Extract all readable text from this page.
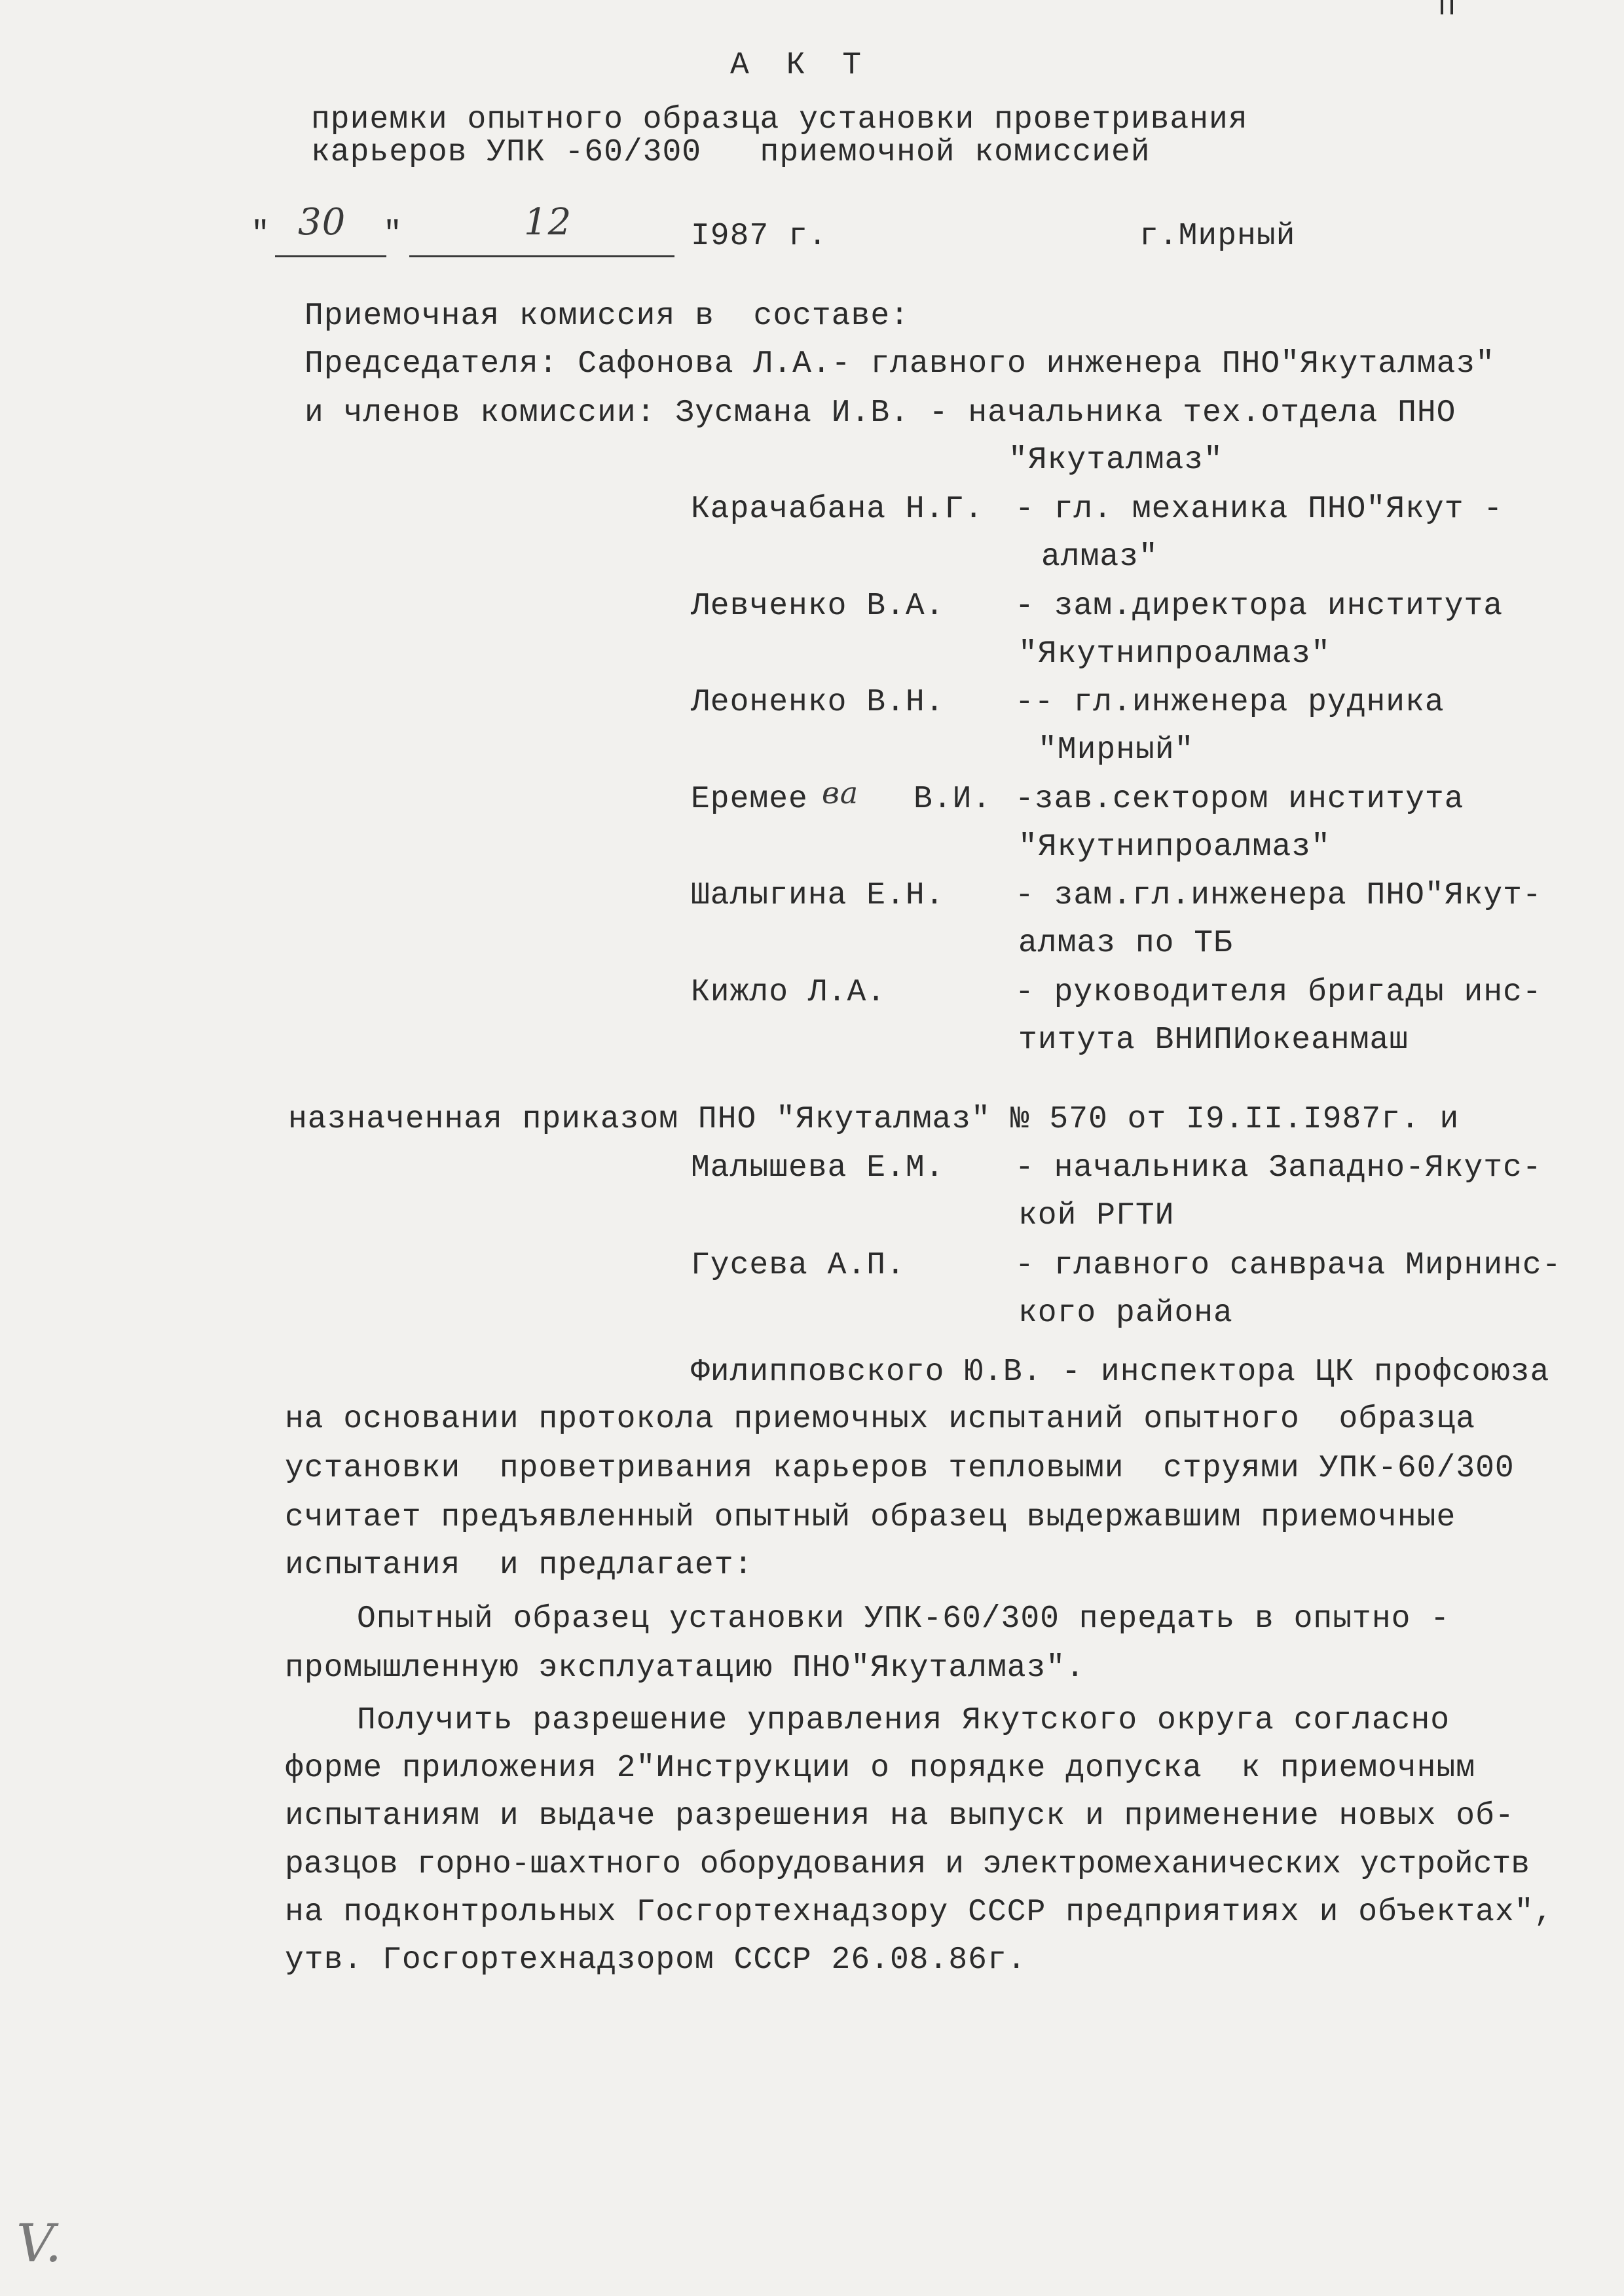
А К Т
приемки опытного образца установки проветривания
карьеров УПК -60/300   приемочной комиссией
" 30 "	12	I987 г.	г.Мирный
Приемочная комиссия в  составе:
Председателя: Сафонова Л.А.- главного инженера ПНО"Якуталмаз"
и членов комиссии: Зусмана И.В. - начальника тех.отдела ПНО
"Якуталмаз"
Карачабана Н.Г. - гл. механика ПНО"Якут -
алмаз"
Левченко В.А. - зам.директора института
"Якутнипроалмаз"
Леоненко В.Н. -- гл.инженера рудника
"Мирный"
Еремее ва В.И. -зав.сектором института
"Якутнипроалмаз"
Шалыгина Е.Н. - зам.гл.инженера ПНО"Якут-
алмаз по ТБ
Кижло Л.А.	- руководителя бригады инс-
титута ВНИПИокеанмаш
назначенная приказом ПНО "Якуталмаз" № 570 от I9.II.I987г. и
Малышева Е.М. - начальника Западно-Якутс-
кой РГТИ
Гусева А.П.	- главного санврача Мирнинс-
кого района
Филипповского Ю.В. - инспектора ЦК профсоюза
на основании протокола приемочных испытаний опытного  образца
установки  проветривания карьеров тепловыми  струями УПК-60/300
считает предъявленный опытный образец выдержавшим приемочные
испытания  и предлагает:
Опытный образец установки УПК-60/300 передать в опытно -
промышленную эксплуатацию ПНО"Якуталмаз".
Получить разрешение управления Якутского округа согласно
форме приложения 2"Инструкции о порядке допуска  к приемочным
испытаниям и выдаче разрешения на выпуск и применение новых об-
разцов горно-шахтного оборудования и электромеханических устройств
на подконтрольных Госгортехнадзору СССР предприятиях и объектах",
утв. Госгортехнадзором СССР 26.08.86г.
V.
